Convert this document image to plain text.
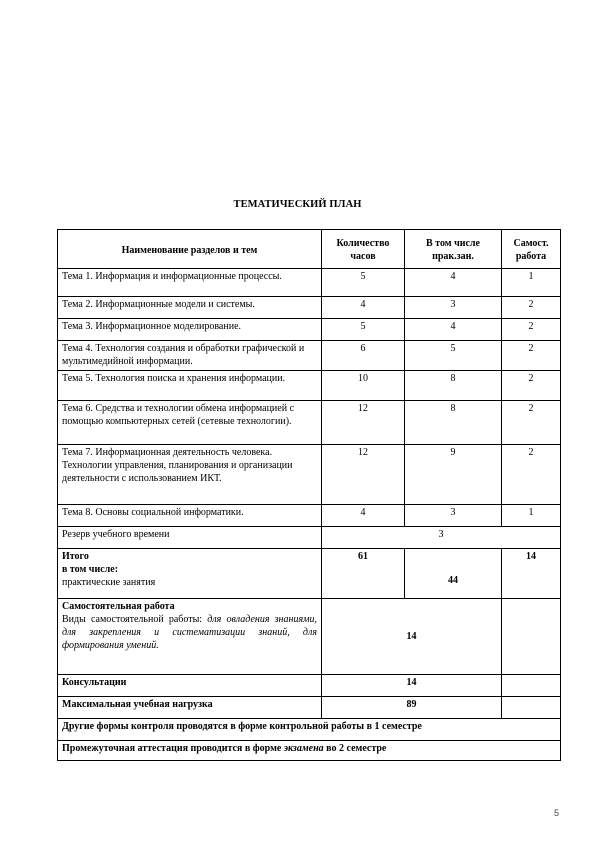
ТЕМАТИЧЕСКИЙ ПЛАН
Наименование разделов и тем	Количество часов	В том числе прак.зан.	Самост. работа
Тема 1. Информация и информационные процессы.	5	4	1
Тема 2. Информационные модели и системы.	4	3	2
Тема 3. Информационное моделирование.	5	4	2
Тема 4. Технология создания и обработки графической и мультимедийной информации.	6	5	2
Тема 5. Технология поиска и хранения информации.	10	8	2
Тема 6. Средства и технологии обмена информацией с помощью компьютерных сетей (сетевые технологии).	12	8	2
Тема 7. Информационная деятельность человека. Технологии управления, планирования и организации деятельности с использованием ИКТ.	12	9	2
Тема 8. Основы социальной информатики.	4	3	1
Резерв учебного времени	3		

Итого
в том числе:
практические занятия	61	44	14

Самостоятельная работа

Виды самостоятельной работы: для овладения знаниями, для закрепления и систематизации знаний, для формирования умений.	14		
Консультации	14		
Максимальная учебная нагрузка	89		
Другие формы контроля проводятся в форме контрольной работы в 1 семестре			
Промежуточная аттестация проводится в форме экзамена во 2 семестре			
5
